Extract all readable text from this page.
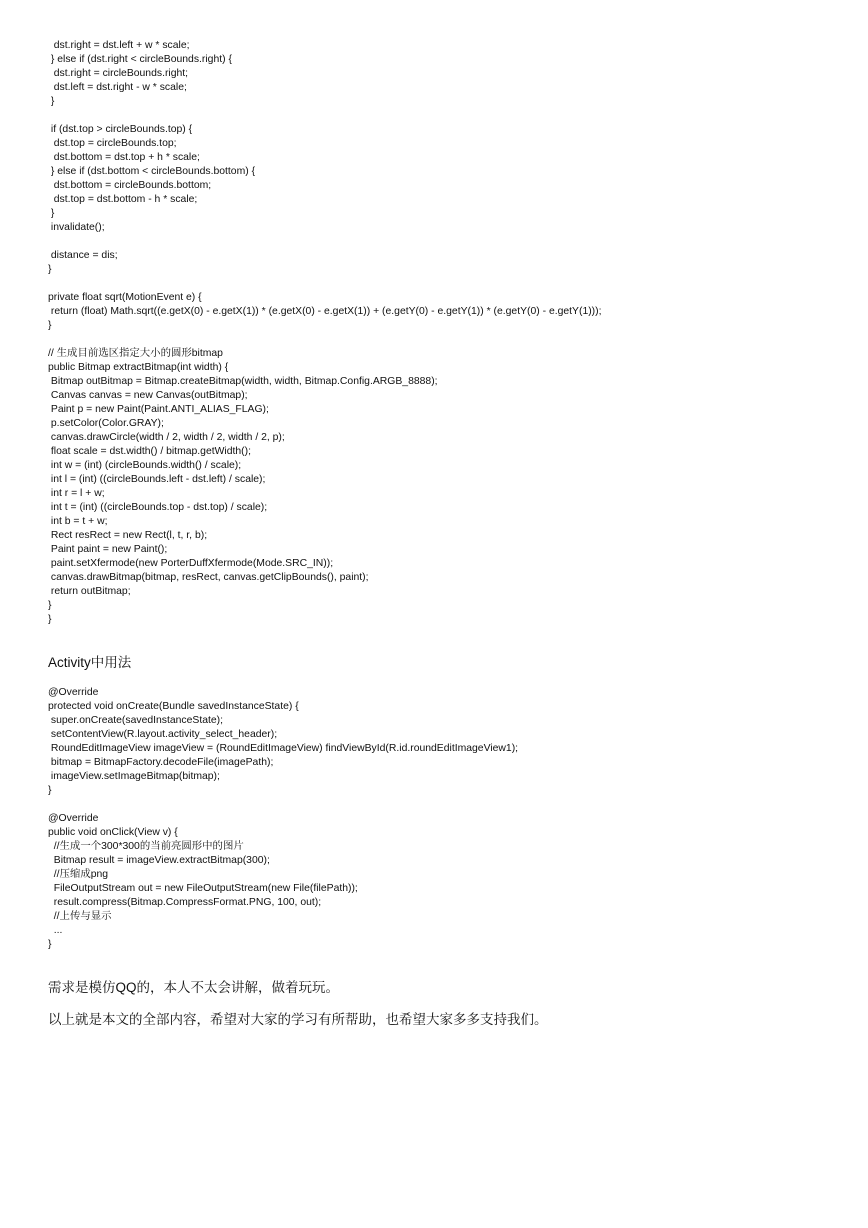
dst.right = dst.left + w * scale;
} else if (dst.right < circleBounds.right) {
dst.right = circleBounds.right;
dst.left = dst.right - w * scale;
}
if (dst.top > circleBounds.top) {
dst.top = circleBounds.top;
dst.bottom = dst.top + h * scale;
} else if (dst.bottom < circleBounds.bottom) {
dst.bottom = circleBounds.bottom;
dst.top = dst.bottom - h * scale;
}
invalidate();
distance = dis;
}
private float sqrt(MotionEvent e) {
return (float) Math.sqrt((e.getX(0) - e.getX(1)) * (e.getX(0) - e.getX(1)) + (e.getY(0) - e.getY(1)) * (e.getY(0) - e.getY(1)));
}
// 生成目前选区指定大小的圆形bitmap
public Bitmap extractBitmap(int width) {
Bitmap outBitmap = Bitmap.createBitmap(width, width, Bitmap.Config.ARGB_8888);
Canvas canvas = new Canvas(outBitmap);
Paint p = new Paint(Paint.ANTI_ALIAS_FLAG);
p.setColor(Color.GRAY);
canvas.drawCircle(width / 2, width / 2, width / 2, p);
float scale = dst.width() / bitmap.getWidth();
int w = (int) (circleBounds.width() / scale);
int l = (int) ((circleBounds.left - dst.left) / scale);
int r = l + w;
int t = (int) ((circleBounds.top - dst.top) / scale);
int b = t + w;
Rect resRect = new Rect(l, t, r, b);
Paint paint = new Paint();
paint.setXfermode(new PorterDuffXfermode(Mode.SRC_IN));
canvas.drawBitmap(bitmap, resRect, canvas.getClipBounds(), paint);
return outBitmap;
}
}
Activity中用法
@Override
protected void onCreate(Bundle savedInstanceState) {
super.onCreate(savedInstanceState);
setContentView(R.layout.activity_select_header);
RoundEditImageView imageView = (RoundEditImageView) findViewById(R.id.roundEditImageView1);
bitmap = BitmapFactory.decodeFile(imagePath);
imageView.setImageBitmap(bitmap);
}
@Override
public void onClick(View v) {
//生成一个300*300的当前亮圆形中的图片
Bitmap result = imageView.extractBitmap(300);
//压缩成png
FileOutputStream out = new FileOutputStream(new File(filePath));
result.compress(Bitmap.CompressFormat.PNG, 100, out);
//上传与显示
...
}
需求是模仿QQ的，本人不太会讲解，做着玩玩。
以上就是本文的全部内容，希望对大家的学习有所帮助，也希望大家多多支持我们。
